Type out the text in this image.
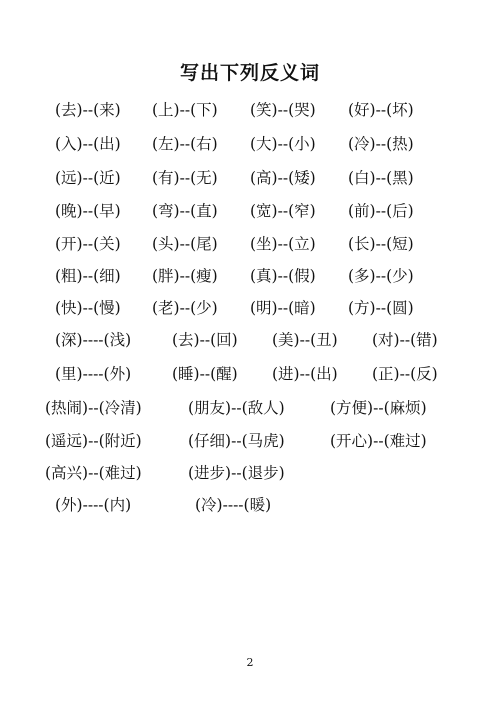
写出下列反义词
(去)--(来) (上)--(下) (笑)--(哭) (好)--(坏)
(入)--(出) (左)--(右) (大)--(小) (冷)--(热)
(远)--(近) (有)--(无) (高)--(矮) (白)--(黑)
(晚)--(早) (弯)--(直) (宽)--(窄) (前)--(后)
(开)--(关) (头)--(尾) (坐)--(立) (长)--(短)
(粗)--(细) (胖)--(瘦) (真)--(假) (多)--(少)
(快)--(慢) (老)--(少) (明)--(暗) (方)--(圆)
(深)----(浅)	(去)--(回) (美)--(丑) (对)--(错)
(里)----(外)	(睡)--(醒) (进)--(出) (正)--(反)
(热闹)--(冷清)	(朋友)--(敌人)	(方便)--(麻烦)
(遥远)--(附近)	(仔细)--(马虎)	(开心)--(难过)
(高兴)--(难过)	(进步)--(退步)
(外)----(内)	(冷)----(暖)
2
